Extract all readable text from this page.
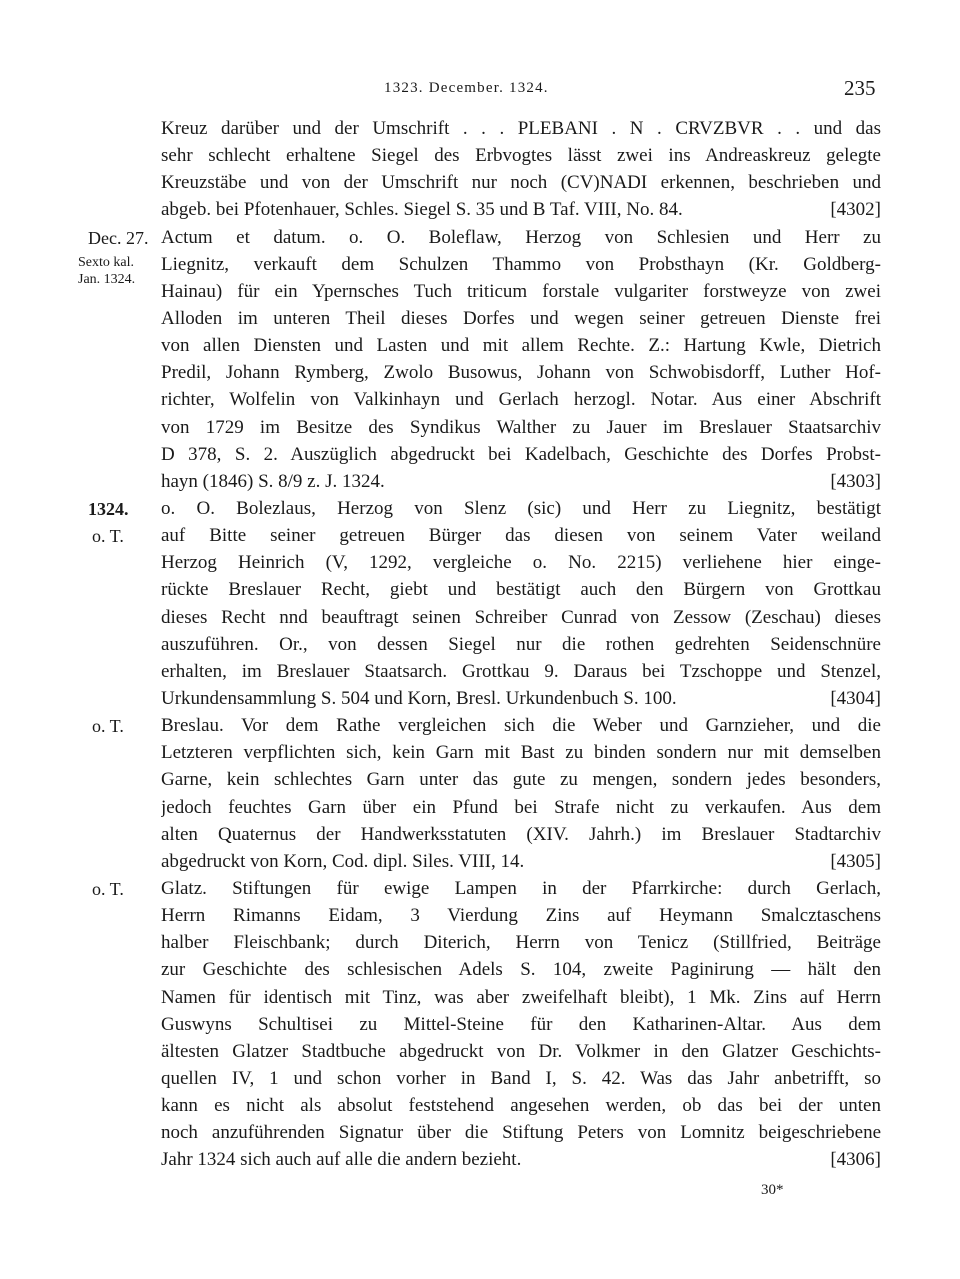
1323. December. 1324.	235
Dec. 27.
Sexto kal.
Jan. 1324.
1324.
o. T.
o. T.
o. T.
Kreuz darüber und der Umschrift . . . PLEBANI . N . CRVZBVR . . und das
sehr schlecht erhaltene Siegel des Erbvogtes lässt zwei ins Andreaskreuz gelegte
Kreuzstäbe und von der Umschrift nur noch (CV)NADI erkennen, beschrieben und
abgeb. bei Pfotenhauer, Schles. Siegel S. 35 und B Taf. VIII, No. 84.	[4302]
Actum et datum. o. O. Boleflaw, Herzog von Schlesien und Herr zu
Liegnitz, verkauft dem Schulzen Thammo von Probsthayn (Kr. Goldberg-
Hainau) für ein Ypernsches Tuch triticum forstale vulgariter forstweyze von zwei
Alloden im unteren Theil dieses Dorfes und wegen seiner getreuen Dienste frei
von allen Diensten und Lasten und mit allem Rechte. Z.: Hartung Kwle, Dietrich
Predil, Johann Rymberg, Zwolo Busowus, Johann von Schwobisdorff, Luther Hof-
richter, Wolfelin von Valkinhayn und Gerlach herzogl. Notar. Aus einer Abschrift
von 1729 im Besitze des Syndikus Walther zu Jauer im Breslauer Staatsarchiv
D 378, S. 2. Auszüglich abgedruckt bei Kadelbach, Geschichte des Dorfes Probst-
hayn (1846) S. 8/9 z. J. 1324.	[4303]
o. O. Bolezlaus, Herzog von Slenz (sic) und Herr zu Liegnitz, bestätigt
auf Bitte seiner getreuen Bürger das diesen von seinem Vater weiland
Herzog Heinrich (V, 1292, vergleiche o. No. 2215) verliehene hier einge-
rückte Breslauer Recht, giebt und bestätigt auch den Bürgern von Grottkau
dieses Recht nnd beauftragt seinen Schreiber Cunrad von Zessow (Zeschau) dieses
auszuführen. Or., von dessen Siegel nur die rothen gedrehten Seidenschnüre
erhalten, im Breslauer Staatsarch. Grottkau 9. Daraus bei Tzschoppe und Stenzel,
Urkundensammlung S. 504 und Korn, Bresl. Urkundenbuch S. 100.	[4304]
Breslau. Vor dem Rathe vergleichen sich die Weber und Garnzieher, und die
Letzteren verpflichten sich, kein Garn mit Bast zu binden sondern nur mit demselben
Garne, kein schlechtes Garn unter das gute zu mengen, sondern jedes besonders,
jedoch feuchtes Garn über ein Pfund bei Strafe nicht zu verkaufen. Aus dem
alten Quaternus der Handwerksstatuten (XIV. Jahrh.) im Breslauer Stadtarchiv
abgedruckt von Korn, Cod. dipl. Siles. VIII, 14.	[4305]
Glatz. Stiftungen für ewige Lampen in der Pfarrkirche: durch Gerlach,
Herrn Rimanns Eidam, 3 Vierdung Zins auf Heymann Smalcztaschens
halber Fleischbank; durch Diterich, Herrn von Tenicz (Stillfried, Beiträge
zur Geschichte des schlesischen Adels S. 104, zweite Paginirung — hält den
Namen für identisch mit Tinz, was aber zweifelhaft bleibt), 1 Mk. Zins auf Herrn
Guswyns Schultisei zu Mittel-Steine für den Katharinen-Altar. Aus dem
ältesten Glatzer Stadtbuche abgedruckt von Dr. Volkmer in den Glatzer Geschichts-
quellen IV, 1 und schon vorher in Band I, S. 42. Was das Jahr anbetrifft, so
kann es nicht als absolut feststehend angesehen werden, ob das bei der unten
noch anzuführenden Signatur über die Stiftung Peters von Lomnitz beigeschriebene
Jahr 1324 sich auch auf alle die andern bezieht.	[4306]
30*
